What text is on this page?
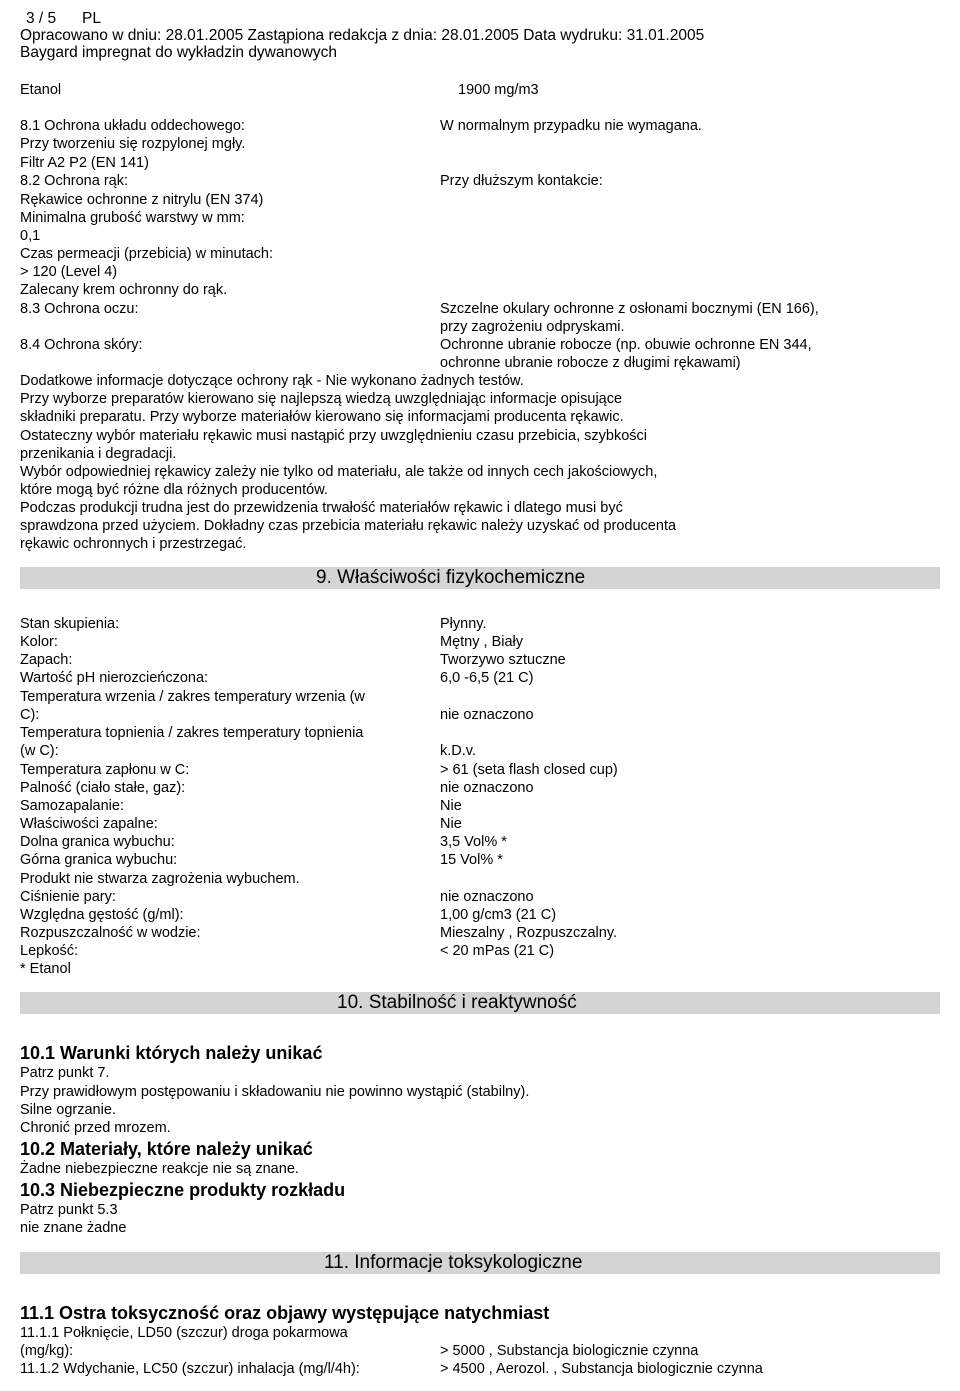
3 / 5 PL
Opracowano w dniu: 28.01.2005 Zastąpiona redakcja z dnia: 28.01.2005 Data wydruku: 31.01.2005
Baygard impregnat do wykładzin dywanowych
Etanol	1900 mg/m3
8.1 Ochrona układu oddechowego:	W normalnym przypadku nie wymagana.
Przy tworzeniu się rozpylonej mgły.
Filtr A2 P2 (EN 141)
8.2 Ochrona rąk:	Przy dłuższym kontakcie:
Rękawice ochronne z nitrylu (EN 374)
Minimalna grubość warstwy w mm:
0,1
Czas permeacji (przebicia) w minutach:
> 120 (Level 4)
Zalecany krem ochronny do rąk.
8.3 Ochrona oczu:	Szczelne okulary ochronne z osłonami bocznymi (EN 166),
przy zagrożeniu odpryskami.
8.4 Ochrona skóry:	Ochronne ubranie robocze (np. obuwie ochronne EN 344,
ochronne ubranie robocze z długimi rękawami)
Dodatkowe informacje dotyczące ochrony rąk - Nie wykonano żadnych testów.
Przy wyborze preparatów kierowano się najlepszą wiedzą uwzględniając informacje opisujące
składniki preparatu. Przy wyborze materiałów kierowano się informacjami producenta rękawic.
Ostateczny wybór materiału rękawic musi nastąpić przy uwzględnieniu czasu przebicia, szybkości
przenikania i degradacji.
Wybór odpowiedniej rękawicy zależy nie tylko od materiału, ale także od innych cech jakościowych,
które mogą być różne dla różnych producentów.
Podczas produkcji trudna jest do przewidzenia trwałość materiałów rękawic i dlatego musi być
sprawdzona przed użyciem. Dokładny czas przebicia materiału rękawic należy uzyskać od producenta
rękawic ochronnych i przestrzegać.
9. Właściwości fizykochemiczne
Stan skupienia:	Płynny.
Kolor:	Mętny , Biały
Zapach:	Tworzywo sztuczne
Wartość pH nierozcieńczona:	6,0 -6,5 (21 C)
Temperatura wrzenia / zakres temperatury wrzenia (w
C):	nie oznaczono
Temperatura topnienia / zakres temperatury topnienia
(w C):	k.D.v.
Temperatura zapłonu w C:	> 61 (seta flash closed cup)
Palność (ciało stałe, gaz):	nie oznaczono
Samozapalanie:	Nie
Właściwości zapalne:	Nie
Dolna granica wybuchu:	3,5 Vol% *
Górna granica wybuchu:	15 Vol% *
Produkt nie stwarza zagrożenia wybuchem.
Ciśnienie pary:	nie oznaczono
Względna gęstość (g/ml):	1,00 g/cm3 (21 C)
Rozpuszczalność w wodzie:	Mieszalny , Rozpuszczalny.
Lepkość:	< 20 mPas (21 C)
* Etanol
10. Stabilność i reaktywność
10.1 Warunki których należy unikać
Patrz punkt 7.
Przy prawidłowym postępowaniu i składowaniu nie powinno wystąpić (stabilny).
Silne ogrzanie.
Chronić przed mrozem.
10.2 Materiały, które należy unikać
Żadne niebezpieczne reakcje nie są znane.
10.3 Niebezpieczne produkty rozkładu
Patrz punkt 5.3
nie znane żadne
11. Informacje toksykologiczne
11.1 Ostra toksyczność oraz objawy występujące natychmiast
11.1.1 Połknięcie, LD50 (szczur) droga pokarmowa
(mg/kg):	> 5000 , Substancja biologicznie czynna
11.1.2 Wdychanie, LC50 (szczur) inhalacja (mg/l/4h):	> 4500 , Aerozol. , Substancja biologicznie czynna
